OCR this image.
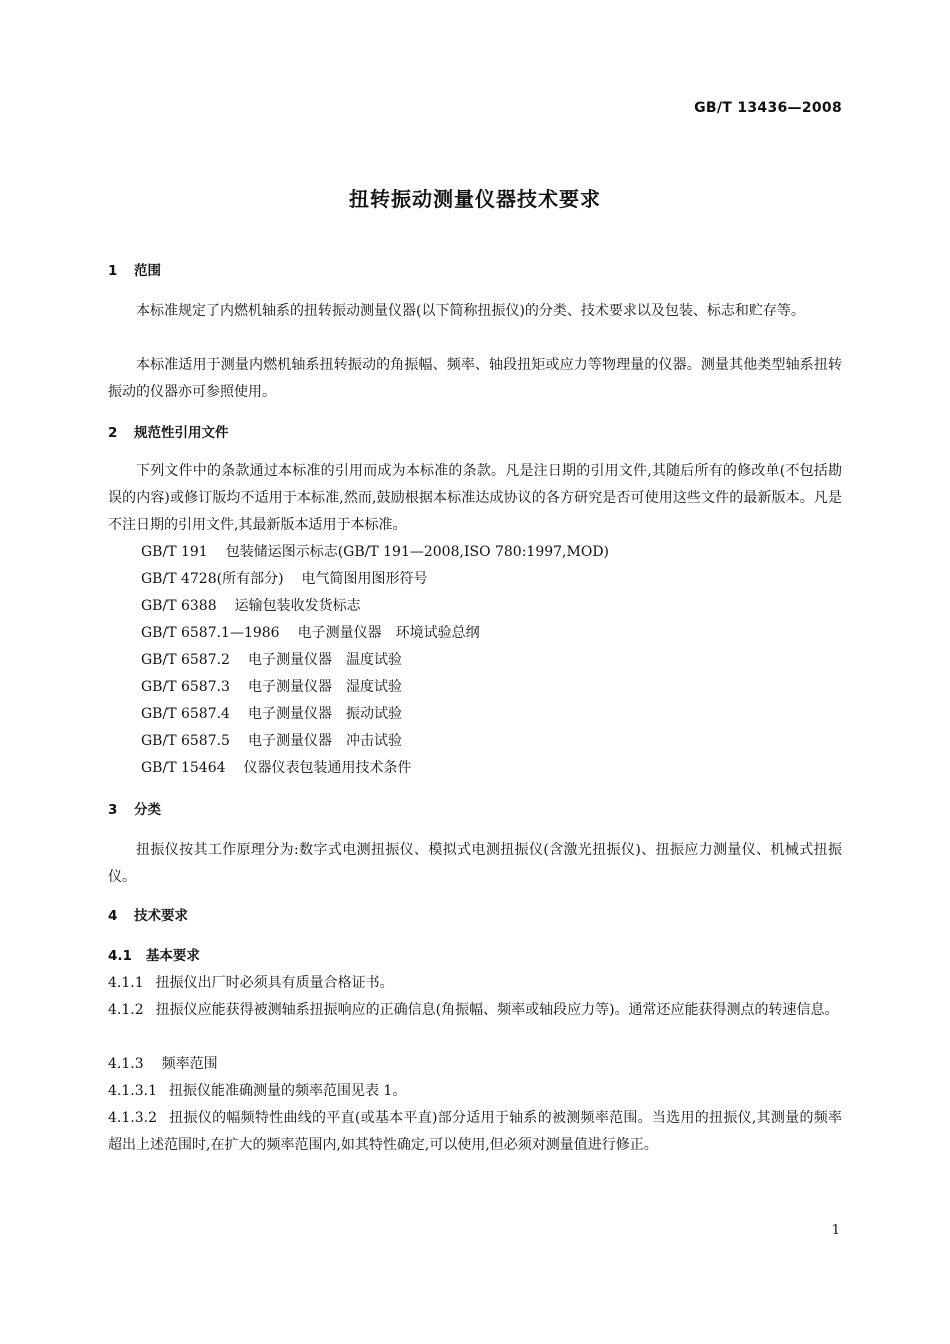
GB/T 13436—2008
扭转振动测量仪器技术要求
1 范围
本标准规定了内燃机轴系的扭转振动测量仪器(以下简称扭振仪)的分类、技术要求以及包装、标志和贮存等。
本标准适用于测量内燃机轴系扭转振动的角振幅、频率、轴段扭矩或应力等物理量的仪器。测量其他类型轴系扭转振动的仪器亦可参照使用。
2 规范性引用文件
下列文件中的条款通过本标准的引用而成为本标准的条款。凡是注日期的引用文件,其随后所有的修改单(不包括勘误的内容)或修订版均不适用于本标准,然而,鼓励根据本标准达成协议的各方研究是否可使用这些文件的最新版本。凡是不注日期的引用文件,其最新版本适用于本标准。
GB/T 191 包装储运图示标志(GB/T 191—2008,ISO 780:1997,MOD)
GB/T 4728(所有部分) 电气简图用图形符号
GB/T 6388 运输包装收发货标志
GB/T 6587.1—1986 电子测量仪器　环境试验总纲
GB/T 6587.2 电子测量仪器　温度试验
GB/T 6587.3 电子测量仪器　湿度试验
GB/T 6587.4 电子测量仪器　振动试验
GB/T 6587.5 电子测量仪器　冲击试验
GB/T 15464 仪器仪表包装通用技术条件
3 分类
扭振仪按其工作原理分为:数字式电测扭振仪、模拟式电测扭振仪(含激光扭振仪)、扭振应力测量仪、机械式扭振仪。
4 技术要求
4.1 基本要求
4.1.1 扭振仪出厂时必须具有质量合格证书。
4.1.2 扭振仪应能获得被测轴系扭振响应的正确信息(角振幅、频率或轴段应力等)。通常还应能获得测点的转速信息。
4.1.3 频率范围
4.1.3.1 扭振仪能准确测量的频率范围见表 1。
4.1.3.2 扭振仪的幅频特性曲线的平直(或基本平直)部分适用于轴系的被测频率范围。当选用的扭振仪,其测量的频率超出上述范围时,在扩大的频率范围内,如其特性确定,可以使用,但必须对测量值进行修正。
1
